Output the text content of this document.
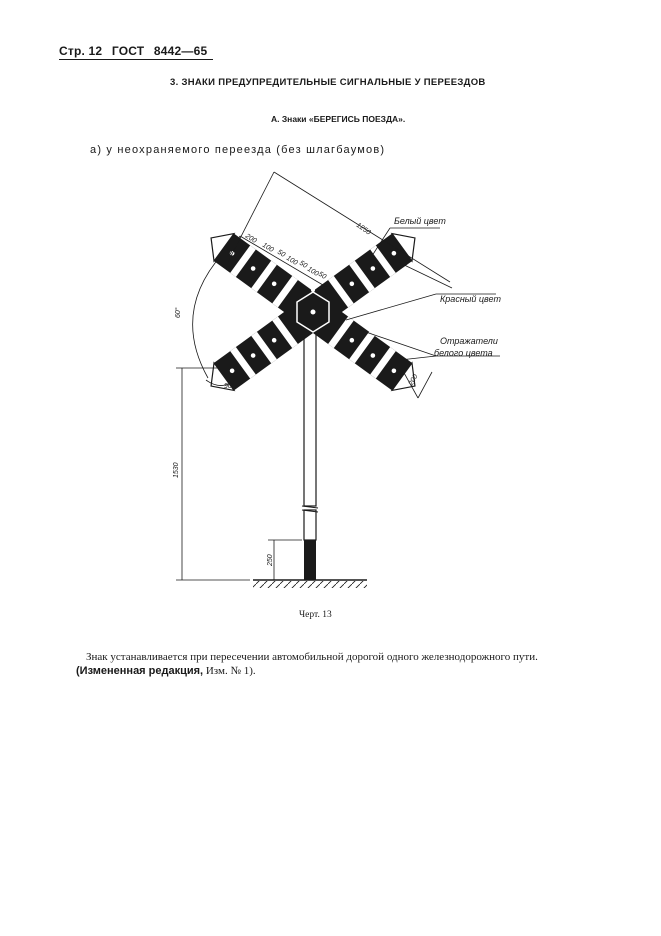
Стр. 12 ГОСТ 8442—65
3. ЗНАКИ ПРЕДУПРЕДИТЕЛЬНЫЕ СИГНАЛЬНЫЕ У ПЕРЕЕЗДОВ
А. Знаки «БЕРЕГИСЬ ПОЕЗДА».
а) у неохраняемого переезда (без шлагбаумов)
1250
200
100 50
100 50
100
50
200
60°
90°
1530
250
Белый цвет
Красный цвет
Отражатели
белого цвета
Черт. 13
Знак устанавливается при пересечении автомобильной дорогой одного железнодорожного пути.
(Измененная редакция, Изм. № 1).
